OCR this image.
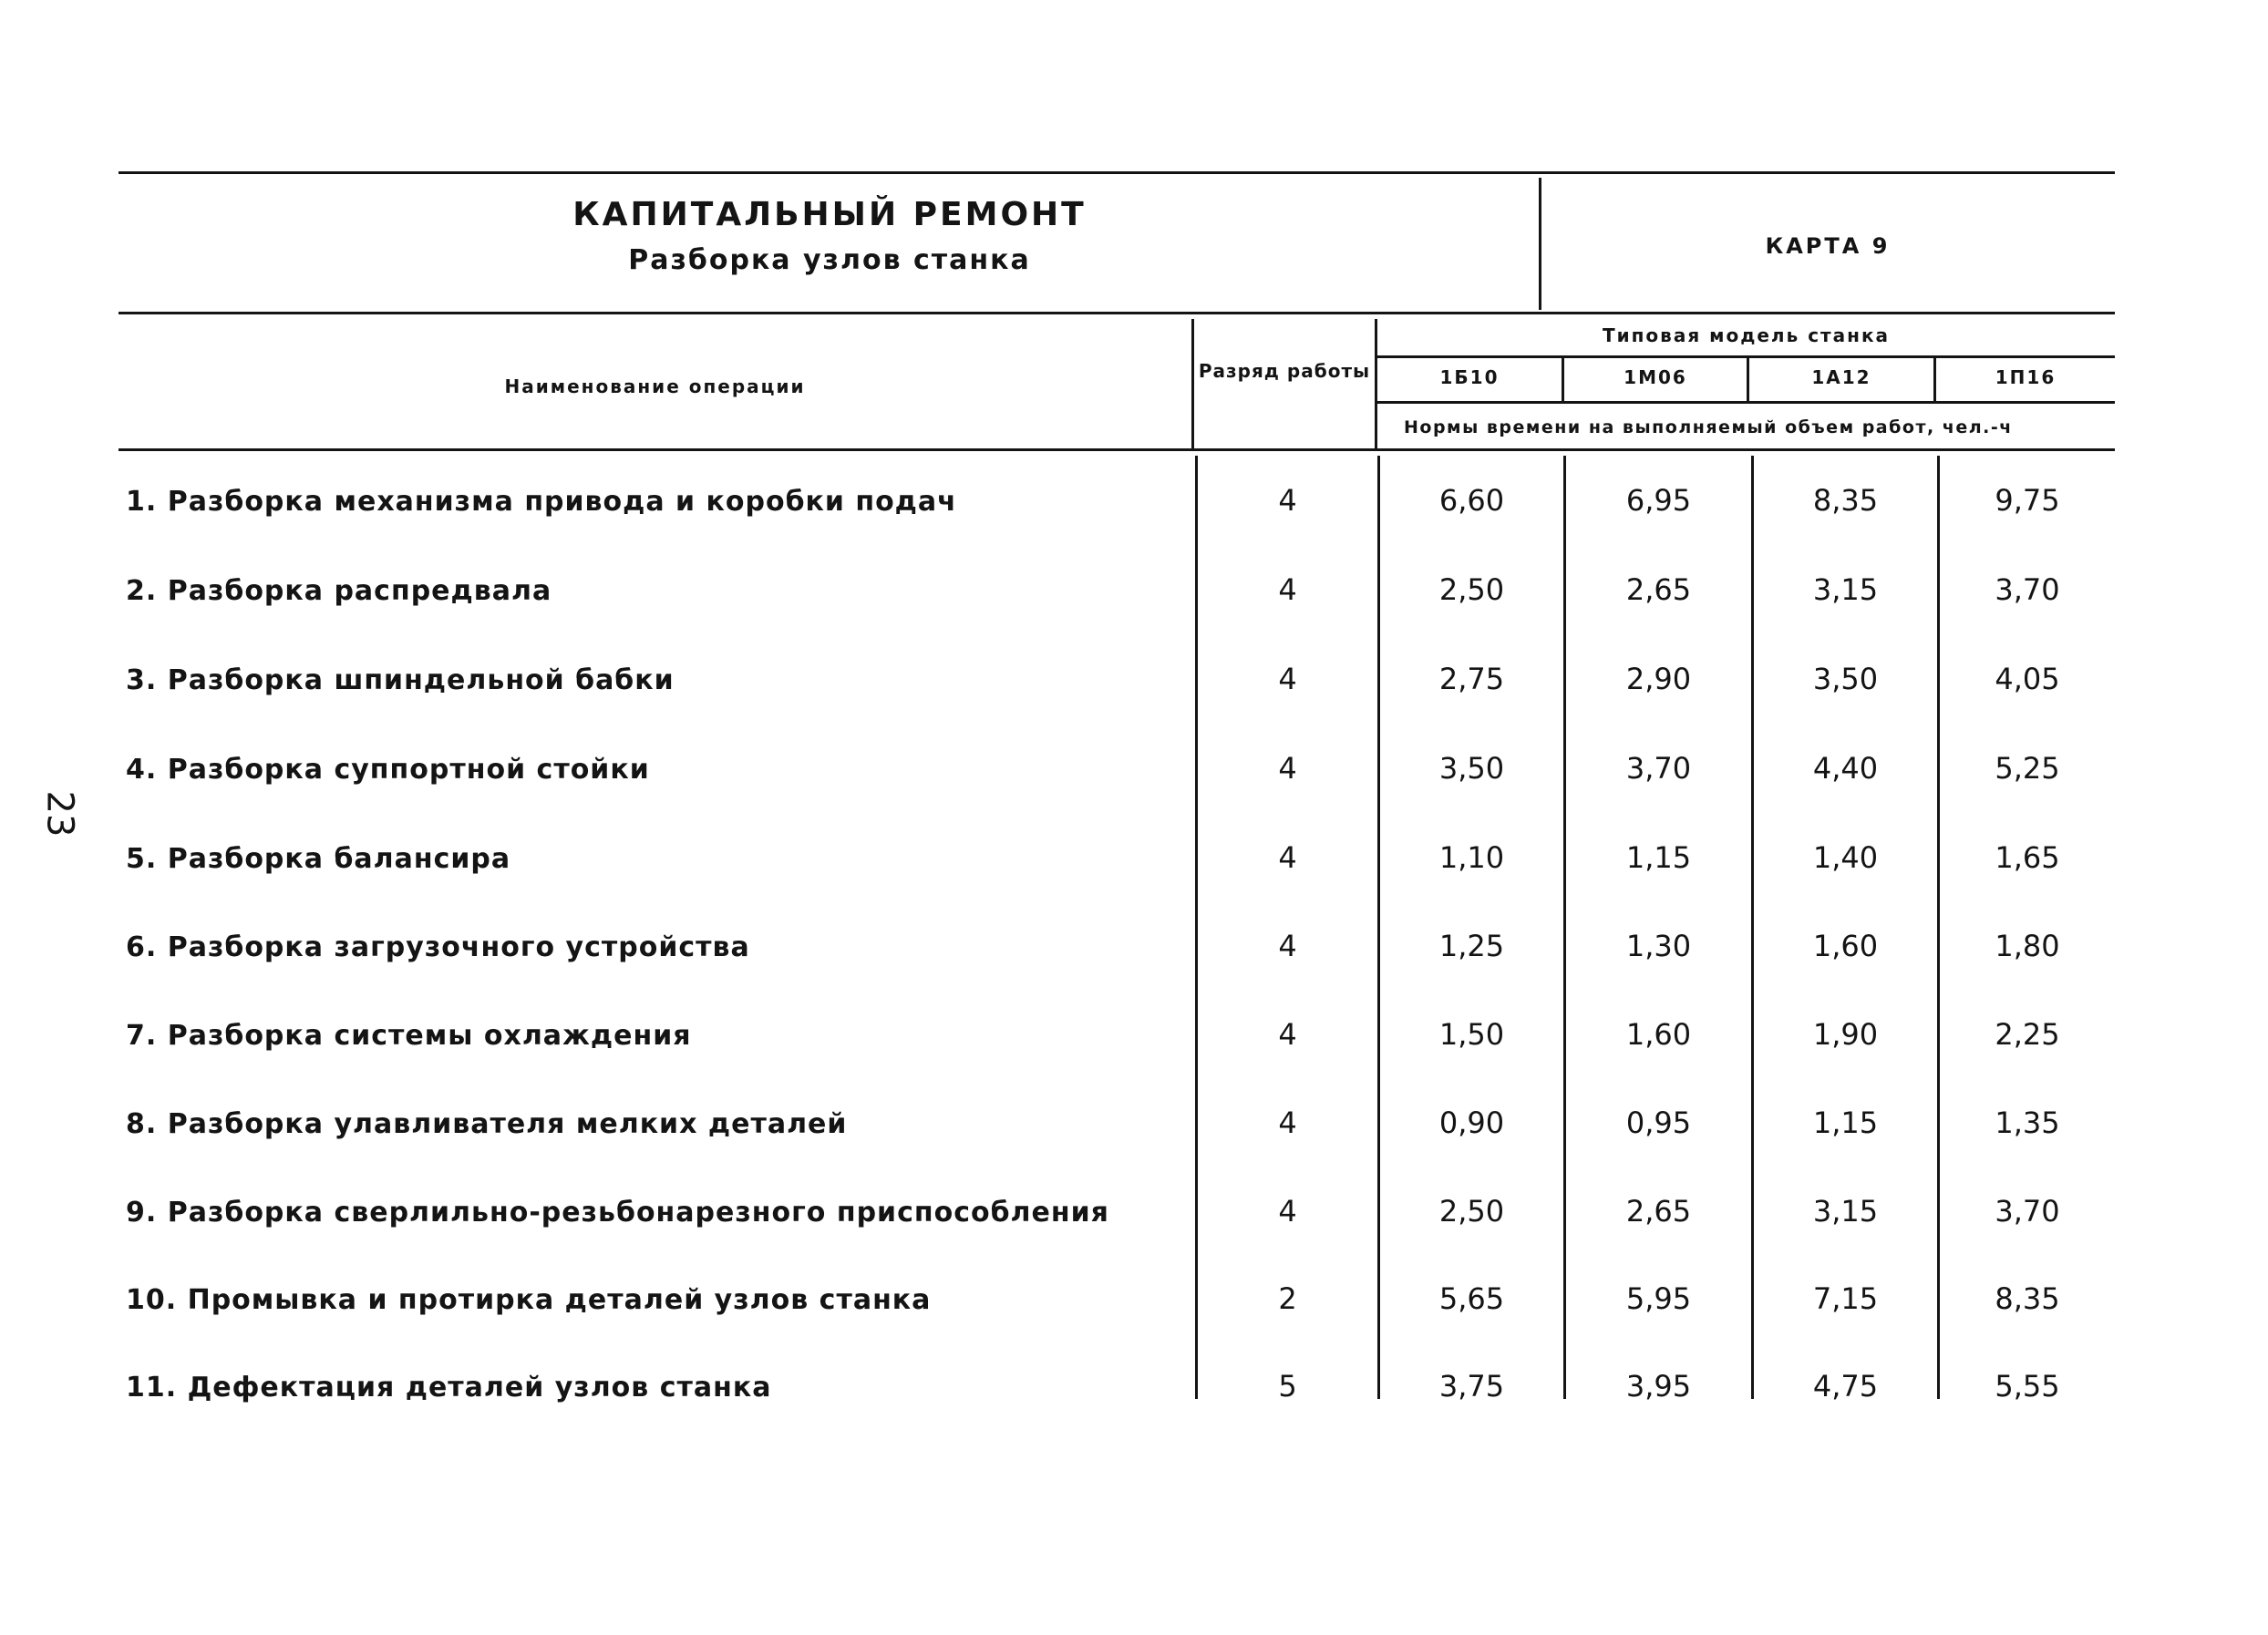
23
КАПИТАЛЬНЫЙ РЕМОНТ
Разборка узлов станка	КАРТА 9
Наименование операции
Разряд работы
Типовая модель станка
1Б10	1М06	1А12	1П16
Нормы времени на выполняемый объем работ, чел.-ч
1. Разборка механизма привода и коробки подач	4	6,60	6,95	8,35	9,75
2. Разборка распредвала	4	2,50	2,65	3,15	3,70
3. Разборка шпиндельной бабки	4	2,75	2,90	3,50	4,05
4. Разборка суппортной стойки	4	3,50	3,70	4,40	5,25
5. Разборка балансира	4	1,10	1,15	1,40	1,65
6. Разборка загрузочного устройства	4	1,25	1,30	1,60	1,80
7. Разборка системы охлаждения	4	1,50	1,60	1,90	2,25
8. Разборка улавливателя мелких деталей	4	0,90	0,95	1,15	1,35
9. Разборка сверлильно-резьбонарезного приспособления	4	2,50	2,65	3,15	3,70
10. Промывка и протирка деталей узлов станка	2	5,65	5,95	7,15	8,35
11. Дефектация деталей узлов станка	5	3,75	3,95	4,75	5,55
